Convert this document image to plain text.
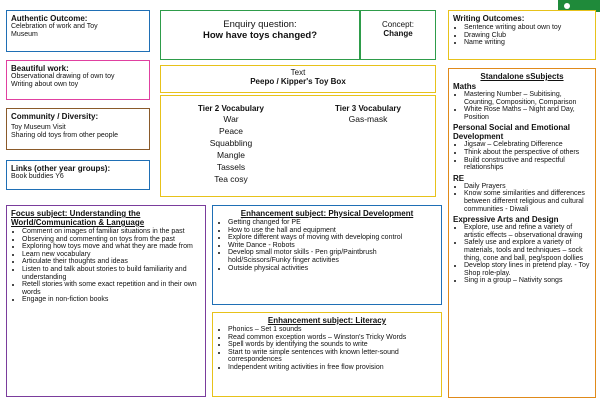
Authentic Outcome:
Celebration of work and Toy
Museum
Beautiful work:
Observational drawing of own toy
Writing about own toy
Community / Diversity:
Toy Museum Visit
Sharing old toys from other people
Links (other year groups):
Book buddies Y6
Enquiry question:
How have toys changed?
Concept:
Change
Text
Peepo / Kipper's Toy Box
Tier 2 Vocabulary
War
Peace
Squabbling
Mangle
Tassels
Tea cosy
Tier 3 Vocabulary
Gas-mask
Writing Outcomes:
• Sentence writing about own toy
• Drawing Club
• Name writing
Standalone sSubjects
Maths
• Mastering Number – Subitising, Counting, Composition, Comparison
• White Rose Maths – Night and Day, Position
Personal Social and Emotional Development
• Jigsaw – Celebrating Difference
• Think about the perspective of others
• Build constructive and respectful relationships
RE
• Daily Prayers
• Know some similarities and differences between different religious and cultural communities - Diwali
Expressive Arts and Design
• Explore, use and refine a variety of artistic effects – observational drawing
• Safely use and explore a variety of materials, tools and techniques – sock thing, cone and ball, peg/spoon dollies
• Develop story lines in pretend play. - Toy Shop role-play.
• Sing in a group – Nativity songs
Focus subject: Understanding the World/Communication & Language
• Comment on images of familiar situations in the past
• Observing and commenting on toys from the past
• Exploring how toys move and what they are made from
• Learn new vocabulary
• Articulate their thoughts and ideas
• Listen to and talk about stories to build familiarity and understanding
• Retell stories with some exact repetition and in their own words
• Engage in non-fiction books
Enhancement subject: Physical Development
• Getting changed for PE
• How to use the hall and equipment
• Explore different ways of moving with developing control
• Write Dance - Robots
• Develop small motor skills - Pen grip/Paintbrush hold/Scissors/Funky finger activities
• Outside physical activities
Enhancement subject: Literacy
• Phonics – Set 1 sounds
• Read common exception words – Winston's Tricky Words
• Spell words by identifying the sounds to write
• Start to write simple sentences with known letter-sound correspondences
• Independent writing activities in free flow provision
